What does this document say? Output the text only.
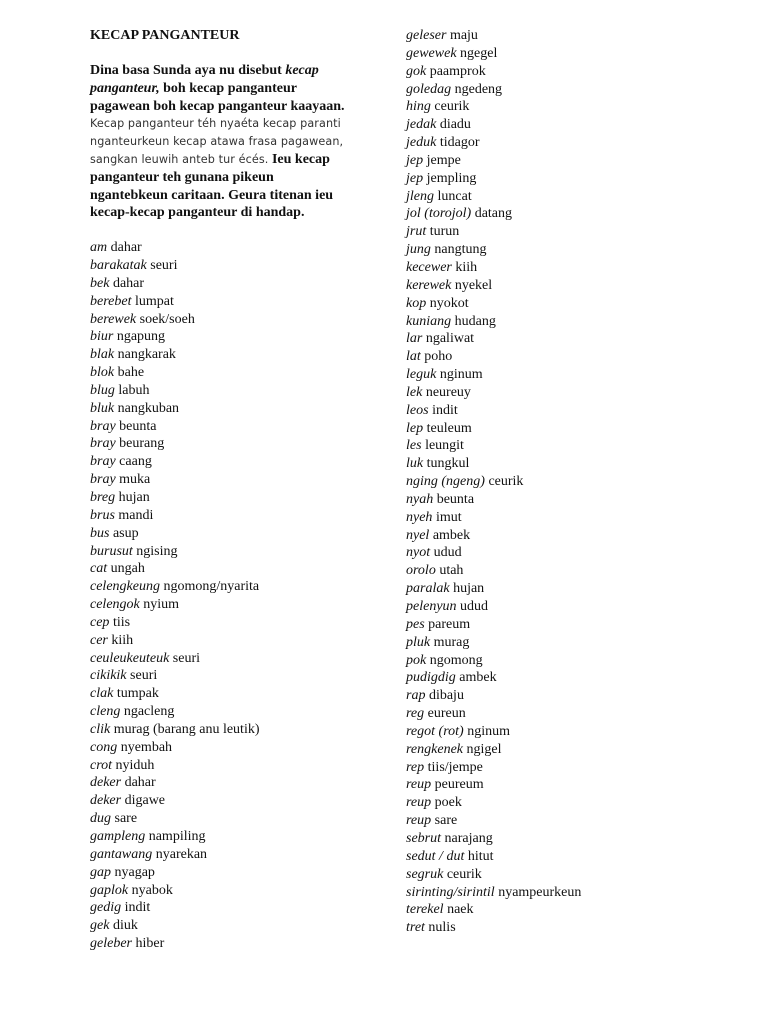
KECAP PANGANTEUR

Dina basa Sunda aya nu disebut kecap panganteur, boh kecap panganteur pagawean boh kecap panganteur kaayaan. Kecap panganteur téh nyaéta kecap paranti nganteurkeun kecap atawa frasa pagawean, sangkan leuwih anteb tur écés. Ieu kecap panganteur teh gunana pikeun ngantebkeun caritaan. Geura titenan ieu kecap-kecap panganteur di handap.

am dahar
barakatak seuri
bek dahar
berebet lumpat
berewek soek/soeh
biur ngapung
blak nangkarak
blok bahe
blug labuh
bluk nangkuban
bray beunta
bray beurang
bray caang
bray muka
breg hujan
brus mandi
bus asup
burusut ngising
cat ungah
celengkeung ngomong/nyarita
celengok nyium
cep tiis
cer kiih
ceuleukeuteuk seuri
cikikik seuri
clak tumpak
cleng ngacleng
clik murag (barang anu leutik)
cong nyembah
crot nyiduh
deker dahar
deker digawe
dug sare
gampleng nampiling
gantawang nyarekan
gap nyagap
gaplok nyabok
gedig indit
gek diuk
geleber hiber
geleser maju
gewewek ngegel
gok paamprok
goledag ngedeng
hing ceurik
jedak diadu
jeduk tidagor
jep jempe
jep jempling
jleng luncat
jol (torojol) datang
jrut turun
jung nangtung
kecewer kiih
kerewek nyekel
kop nyokot
kuniang hudang
lar ngaliwat
lat poho
leguk nginum
lek neureuy
leos indit
lep teuleum
les leungit
luk tungkul
nging (ngeng) ceurik
nyah beunta
nyeh imut
nyel ambek
nyot udud
orolo utah
paralak hujan
pelenyun udud
pes pareum
pluk murag
pok ngomong
pudigdig ambek
rap dibaju
reg eureun
regot (rot) nginum
rengkenek ngigel
rep tiis/jempe
reup peureum
reup poek
reup sare
sebrut narajang
sedut / dut hitut
segruk ceurik
sirinting/sirintil nyampeurkeun
terekel naek
tret nulis
